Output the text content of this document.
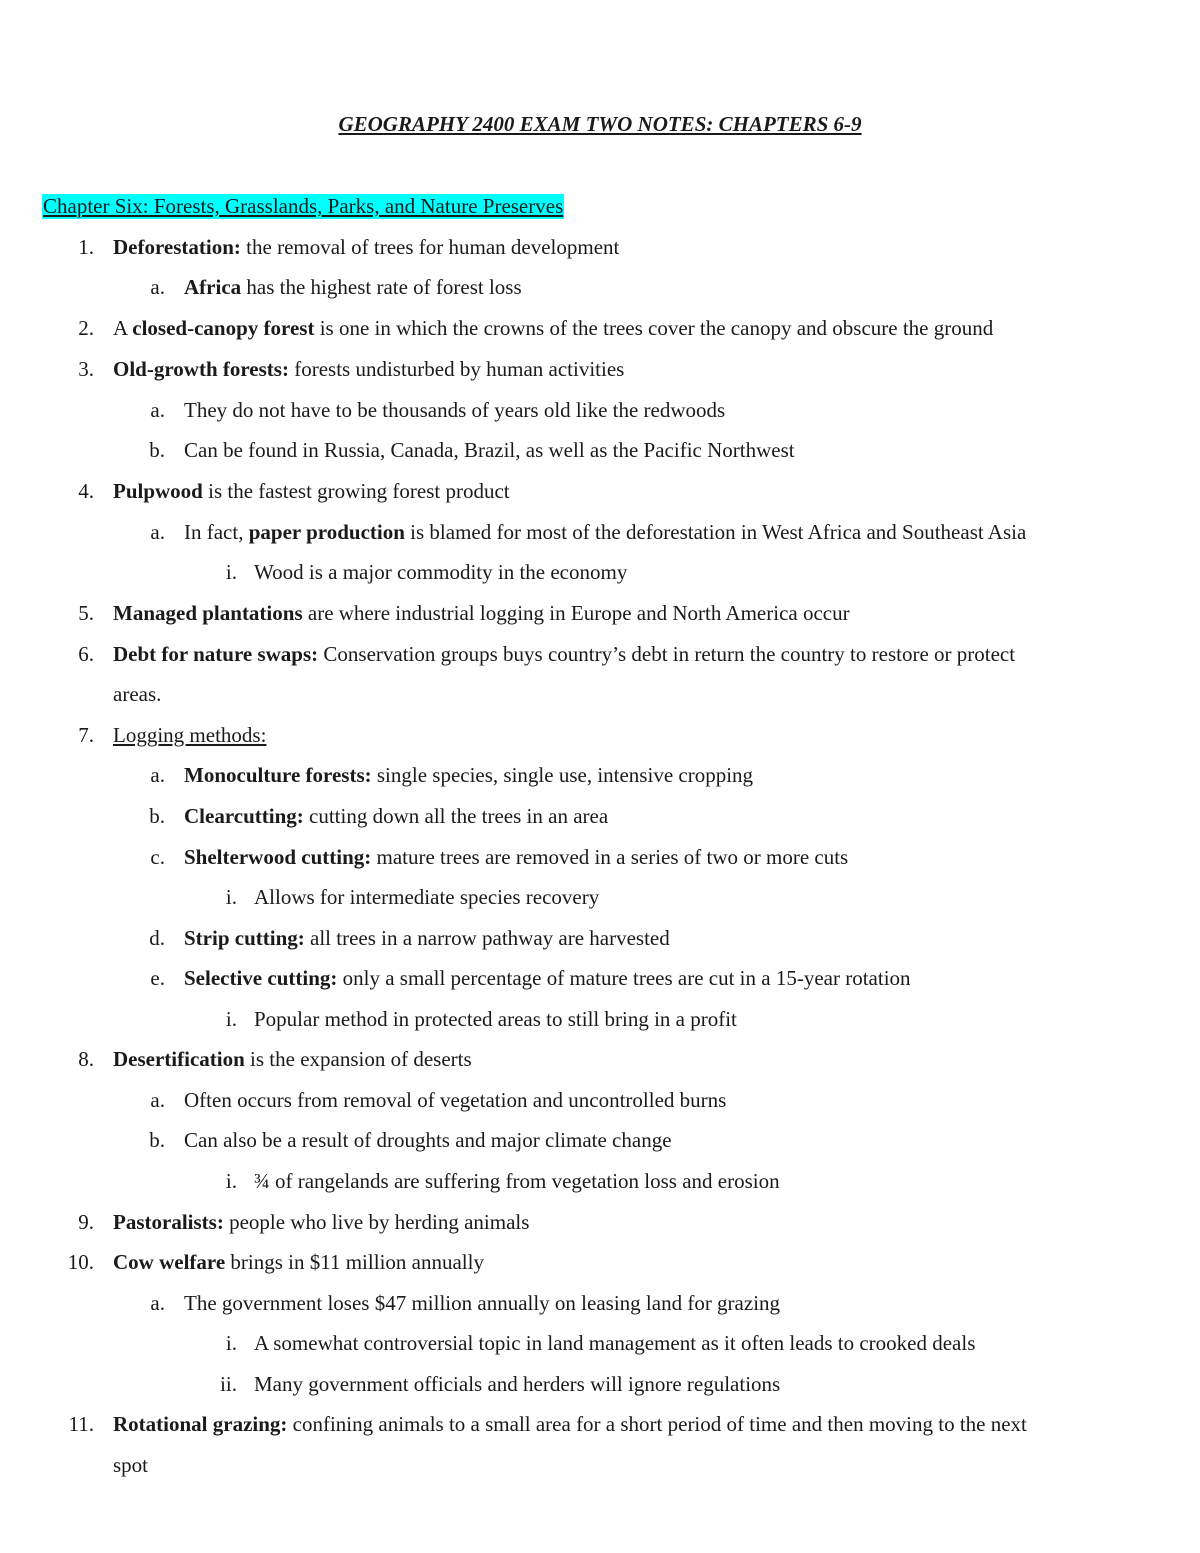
GEOGRAPHY 2400 EXAM TWO NOTES: CHAPTERS 6-9
Chapter Six: Forests, Grasslands, Parks, and Nature Preserves
1. Deforestation: the removal of trees for human development
a. Africa has the highest rate of forest loss
2. A closed-canopy forest is one in which the crowns of the trees cover the canopy and obscure the ground
3. Old-growth forests: forests undisturbed by human activities
a. They do not have to be thousands of years old like the redwoods
b. Can be found in Russia, Canada, Brazil, as well as the Pacific Northwest
4. Pulpwood is the fastest growing forest product
a. In fact, paper production is blamed for most of the deforestation in West Africa and Southeast Asia
i. Wood is a major commodity in the economy
5. Managed plantations are where industrial logging in Europe and North America occur
6. Debt for nature swaps: Conservation groups buys country’s debt in return the country to restore or protect
areas.
7. Logging methods:
a. Monoculture forests: single species, single use, intensive cropping
b. Clearcutting: cutting down all the trees in an area
c. Shelterwood cutting: mature trees are removed in a series of two or more cuts
i. Allows for intermediate species recovery
d. Strip cutting: all trees in a narrow pathway are harvested
e. Selective cutting: only a small percentage of mature trees are cut in a 15-year rotation
i. Popular method in protected areas to still bring in a profit
8. Desertification is the expansion of deserts
a. Often occurs from removal of vegetation and uncontrolled burns
b. Can also be a result of droughts and major climate change
i. ¾ of rangelands are suffering from vegetation loss and erosion
9. Pastoralists: people who live by herding animals
10. Cow welfare brings in $11 million annually
a. The government loses $47 million annually on leasing land for grazing
i. A somewhat controversial topic in land management as it often leads to crooked deals
ii. Many government officials and herders will ignore regulations
11. Rotational grazing: confining animals to a small area for a short period of time and then moving to the next
spot
